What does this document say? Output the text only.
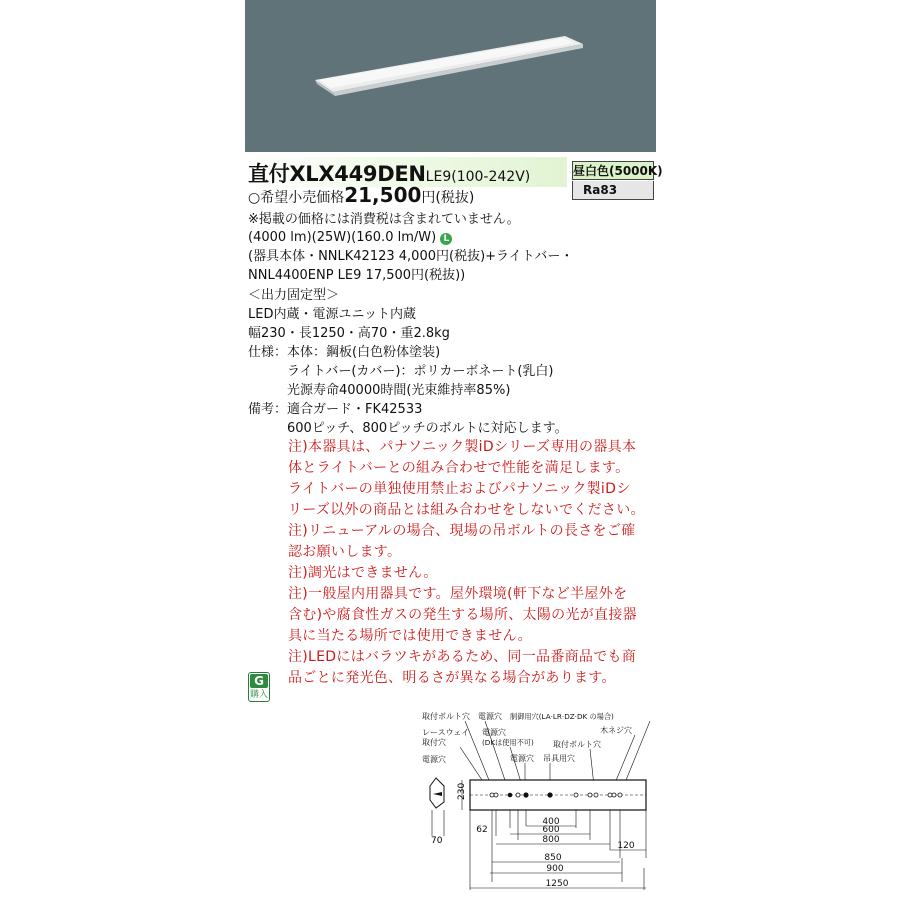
直付XLX449DENLE9(100-242V)	昼白色(5000K)
Ra83
○希望小売価格21,500円(税抜)
※掲載の価格には消費税は含まれていません。
(4000 lm)(25W)(160.0 lm/W) L
(器具本体・NNLK42123 4,000円(税抜)+ライトバー・
NNL4400ENP LE9 17,500円(税抜))
＜出力固定型＞
LED内蔵・電源ユニット内蔵
幅230・長1250・高70・重2.8kg
仕様：本体：鋼板(白色粉体塗装)
　　　ライトバー(カバー)：ポリカーボネート(乳白)
　　　光源寿命40000時間(光束維持率85%)
備考：適合ガード・FK42533
　　　600ピッチ、800ピッチのボルトに対応します。
注)本器具は、パナソニック製iDシリーズ専用の器具本
体とライトバーとの組み合わせで性能を満足します。
ライトバーの単独使用禁止およびパナソニック製iDシ
リーズ以外の商品とは組み合わせをしないでください。
注)リニューアルの場合、現場の吊ボルトの長さをご確
認お願いします。
注)調光はできません。
注)一般屋内用器具です。屋外環境(軒下など半屋外を
含む)や腐食性ガスの発生する場所、太陽の光が直接器
具に当たる場所では使用できません。
注)LEDにはバラツキがあるため、同一品番商品でも商
品ごとに発光色、明るさが異なる場合があります。
G
購入
取付ボルト穴 電源穴 制御用穴(LA·LR·DZ·DK の場合)
レースウェイ
取付穴
電源穴
(DKは使用不可)
木ネジ穴
取付ボルト穴
電源穴	電源穴 吊具用穴
70
230
62
400
600
800
120
850
900
1250
